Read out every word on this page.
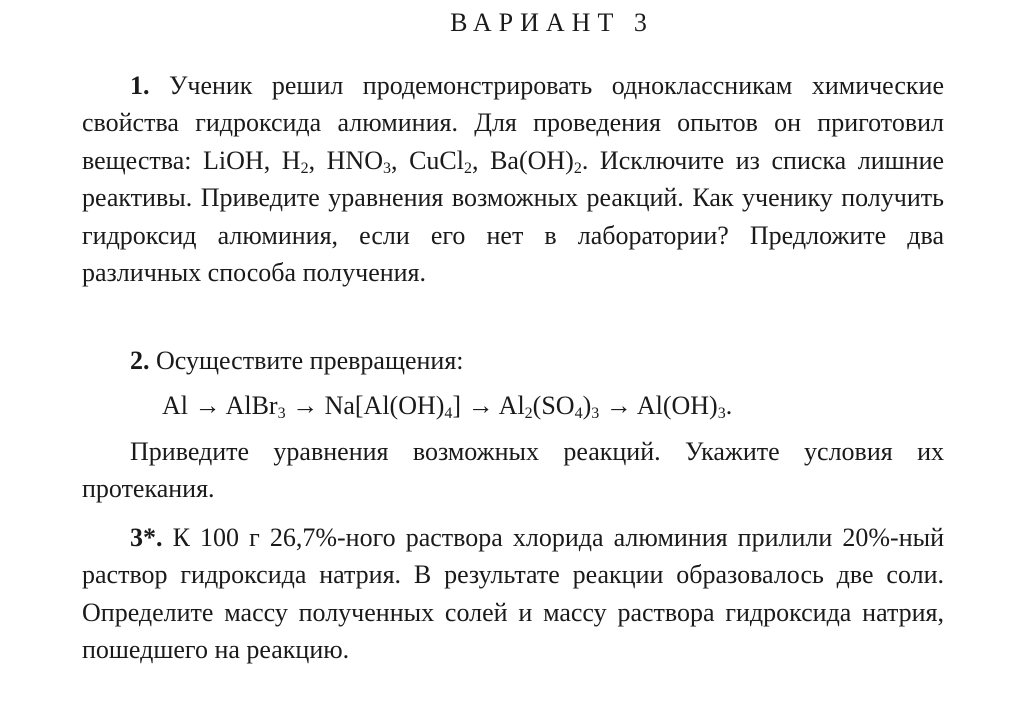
ВАРИАНТ 3
1. Ученик решил продемонстрировать одноклассникам химические свойства гидроксида алюминия. Для проведения опытов он приготовил вещества: LiOH, $H_2$, $HNO_3$, CuCl$_2$, $Ba(OH)_2$. Исключите из списка лишние реактивы. Приведите уравнения возможных реакций. Как ученику получить гидроксид алюминия, если его нет в лаборатории? Предложите два различных способа получения.
2. Осуществите превращения:
Al → AlBr$_3$ → $Na[Al(OH)_4] \to Al_2(SO_4)_3 \to Al(OH)_3$.
Приведите уравнения возможных реакций. Укажите условия их протекания.
3*. К 100 г 26,7%-ного раствора хлорида алюминия прилили 20%-ный раствор гидроксида натрия. В результате реакции образовалось две соли. Определите массу полученных солей и массу раствора гидроксида натрия, пошедшего на реакцию.
